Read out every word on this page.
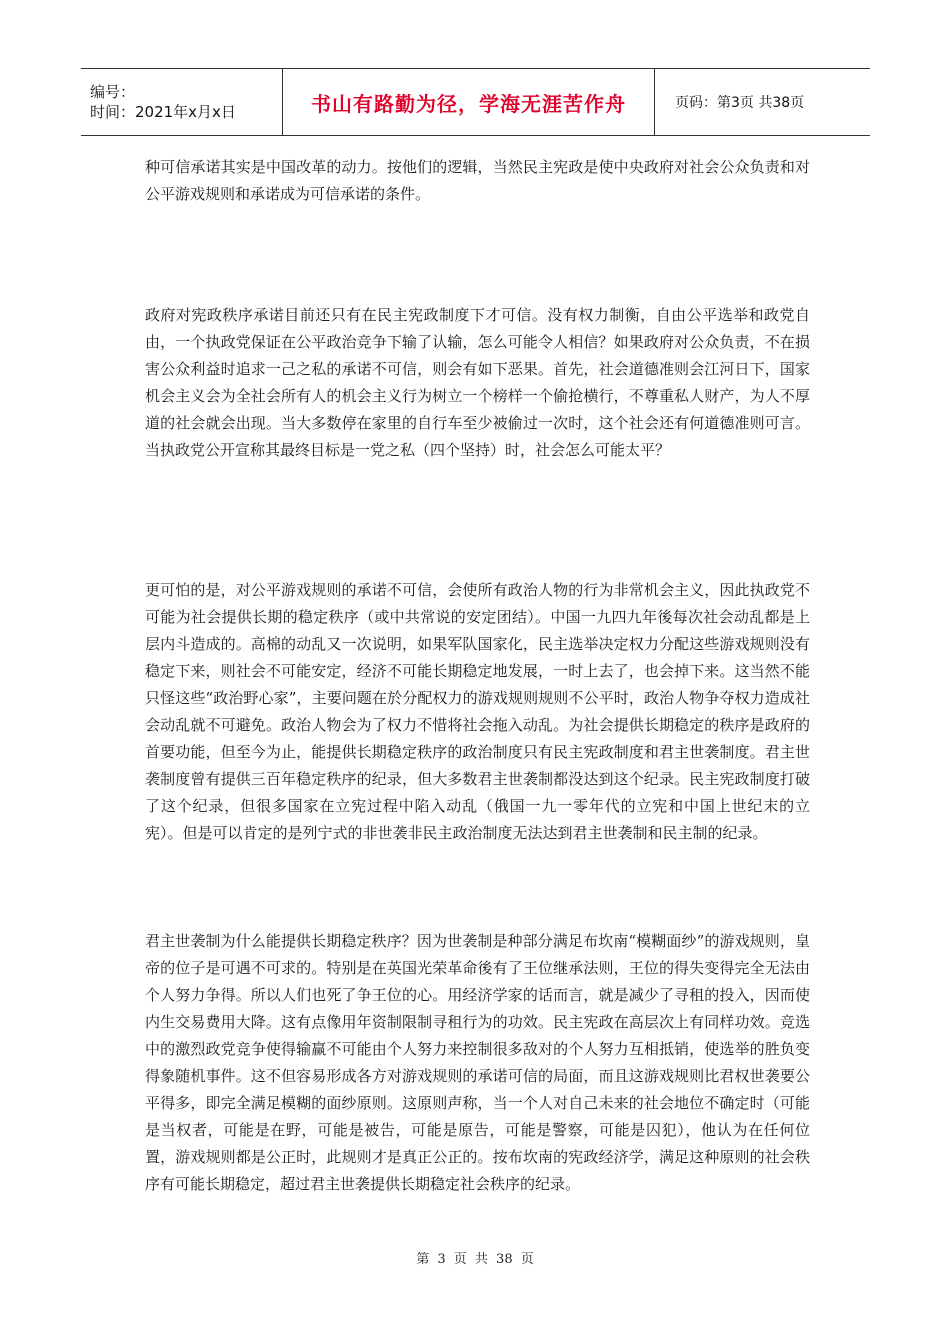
编号：
时间：2021年x月x日	书山有路勤为径，学海无涯苦作舟	页码：第3页 共38页

种可信承诺其实是中国改革的动力。按他们的逻辑，当然民主宪政是使中央政府对社会公众负责和对公平游戏规则和承诺成为可信承诺的条件。

政府对宪政秩序承诺目前还只有在民主宪政制度下才可信。没有权力制衡，自由公平选举和政党自由，一个执政党保证在公平政治竞争下输了认输，怎么可能令人相信？如果政府对公众负责，不在损害公众利益时追求一己之私的承诺不可信，则会有如下恶果。首先，社会道德准则会江河日下，国家机会主义会为全社会所有人的机会主义行为树立一个榜样一个偷抢横行，不尊重私人财产，为人不厚道的社会就会出现。当大多数停在家里的自行车至少被偷过一次时，这个社会还有何道德准则可言。当执政党公开宣称其最终目标是一党之私（四个坚持）时，社会怎么可能太平？

更可怕的是，对公平游戏规则的承诺不可信，会使所有政治人物的行为非常机会主义，因此执政党不可能为社会提供长期的稳定秩序（或中共常说的安定团结）。中国一九四九年後每次社会动乱都是上层内斗造成的。高棉的动乱又一次说明，如果军队国家化，民主选举决定权力分配这些游戏规则没有稳定下来，则社会不可能安定，经济不可能长期稳定地发展，一时上去了，也会掉下来。这当然不能只怪这些“政治野心家”，主要问题在於分配权力的游戏规则规则不公平时，政治人物争夺权力造成社会动乱就不可避免。政治人物会为了权力不惜将社会拖入动乱。为社会提供长期稳定的秩序是政府的首要功能，但至今为止，能提供长期稳定秩序的政治制度只有民主宪政制度和君主世袭制度。君主世袭制度曾有提供三百年稳定秩序的纪录，但大多数君主世袭制都没达到这个纪录。民主宪政制度打破了这个纪录，但很多国家在立宪过程中陷入动乱（俄国一九一零年代的立宪和中国上世纪末的立宪）。但是可以肯定的是列宁式的非世袭非民主政治制度无法达到君主世袭制和民主制的纪录。

君主世袭制为什么能提供长期稳定秩序？因为世袭制是种部分满足布坎南“模糊面纱”的游戏规则，皇帝的位子是可遇不可求的。特别是在英国光荣革命後有了王位继承法则，王位的得失变得完全无法由个人努力争得。所以人们也死了争王位的心。用经济学家的话而言，就是减少了寻租的投入，因而使内生交易费用大降。这有点像用年资制限制寻租行为的功效。民主宪政在高层次上有同样功效。竞选中的激烈政党竞争使得输赢不可能由个人努力来控制很多敌对的个人努力互相抵销，使选举的胜负变得象随机事件。这不但容易形成各方对游戏规则的承诺可信的局面，而且这游戏规则比君权世袭要公平得多，即完全满足模糊的面纱原则。这原则声称，当一个人对自己未来的社会地位不确定时（可能是当权者，可能是在野，可能是被告，可能是原告，可能是警察，可能是囚犯），他认为在任何位置，游戏规则都是公正时，此规则才是真正公正的。按布坎南的宪政经济学，满足这种原则的社会秩序有可能长期稳定，超过君主世袭提供长期稳定社会秩序的纪录。

第 3 页 共 38 页
